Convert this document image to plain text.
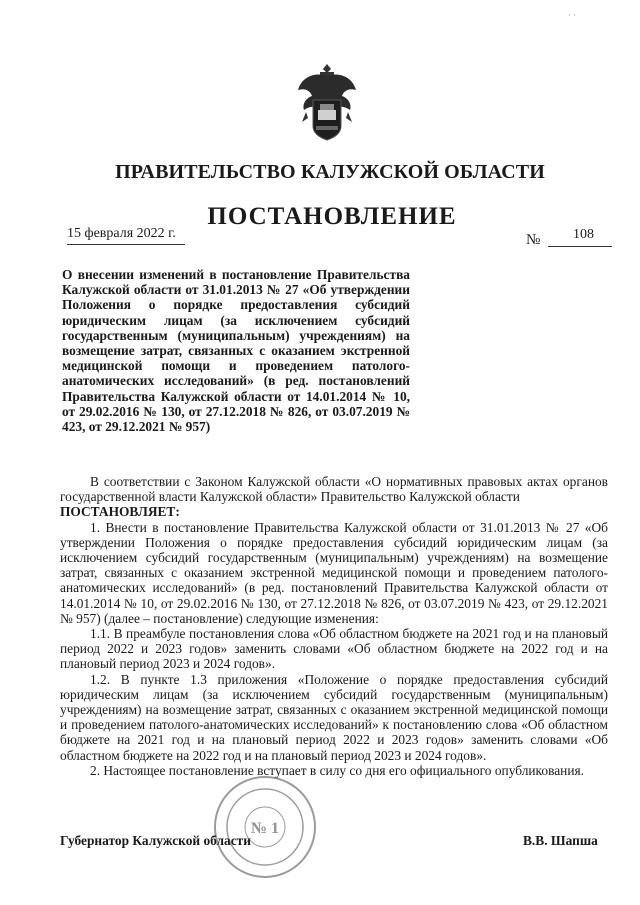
ПРАВИТЕЛЬСТВО КАЛУЖСКОЙ ОБЛАСТИ
ПОСТАНОВЛЕНИЕ
15 февраля 2022 г.	№ 108
О внесении изменений в постановление Правительства Калужской области от 31.01.2013 № 27 «Об утверждении Положения о порядке предоставления субсидий юридическим лицам (за исключением субсидий государственным (муниципальным) учреждениям) на возмещение затрат, связанных с оказанием экстренной медицинской помощи и проведением патолого-анатомических исследований» (в ред. постановлений Правительства Калужской области от 14.01.2014 № 10, от 29.02.2016 № 130, от 27.12.2018 № 826, от 03.07.2019 № 423, от 29.12.2021 № 957)

В соответствии с Законом Калужской области «О нормативных правовых актах органов государственной власти Калужской области» Правительство Калужской области

ПОСТАНОВЛЯЕТ:

1. Внести в постановление Правительства Калужской области от 31.01.2013 № 27 «Об утверждении Положения о порядке предоставления субсидий юридическим лицам (за исключением субсидий государственным (муниципальным) учреждениям) на возмещение затрат, связанных с оказанием экстренной медицинской помощи и проведением патолого-анатомических исследований» (в ред. постановлений Правительства Калужской области от 14.01.2014 № 10, от 29.02.2016 № 130, от 27.12.2018 № 826, от 03.07.2019 № 423, от 29.12.2021 № 957) (далее – постановление) следующие изменения:

1.1. В преамбуле постановления слова «Об областном бюджете на 2021 год и на плановый период 2022 и 2023 годов» заменить словами «Об областном бюджете на 2022 год и на плановый период 2023 и 2024 годов».

1.2. В пункте 1.3 приложения «Положение о порядке предоставления субсидий юридическим лицам (за исключением субсидий государственным (муниципальным) учреждениям) на возмещение затрат, связанных с оказанием экстренной медицинской помощи и проведением патолого-анатомических исследований» к постановлению слова «Об областном бюджете на 2021 год и на плановый период 2022 и 2023 годов» заменить словами «Об областном бюджете на 2022 год и на плановый период 2023 и 2024 годов».

2. Настоящее постановление вступает в силу со дня его официального опубликования.

Губернатор Калужской области	В.В. Шапша
№ 1
· ·
